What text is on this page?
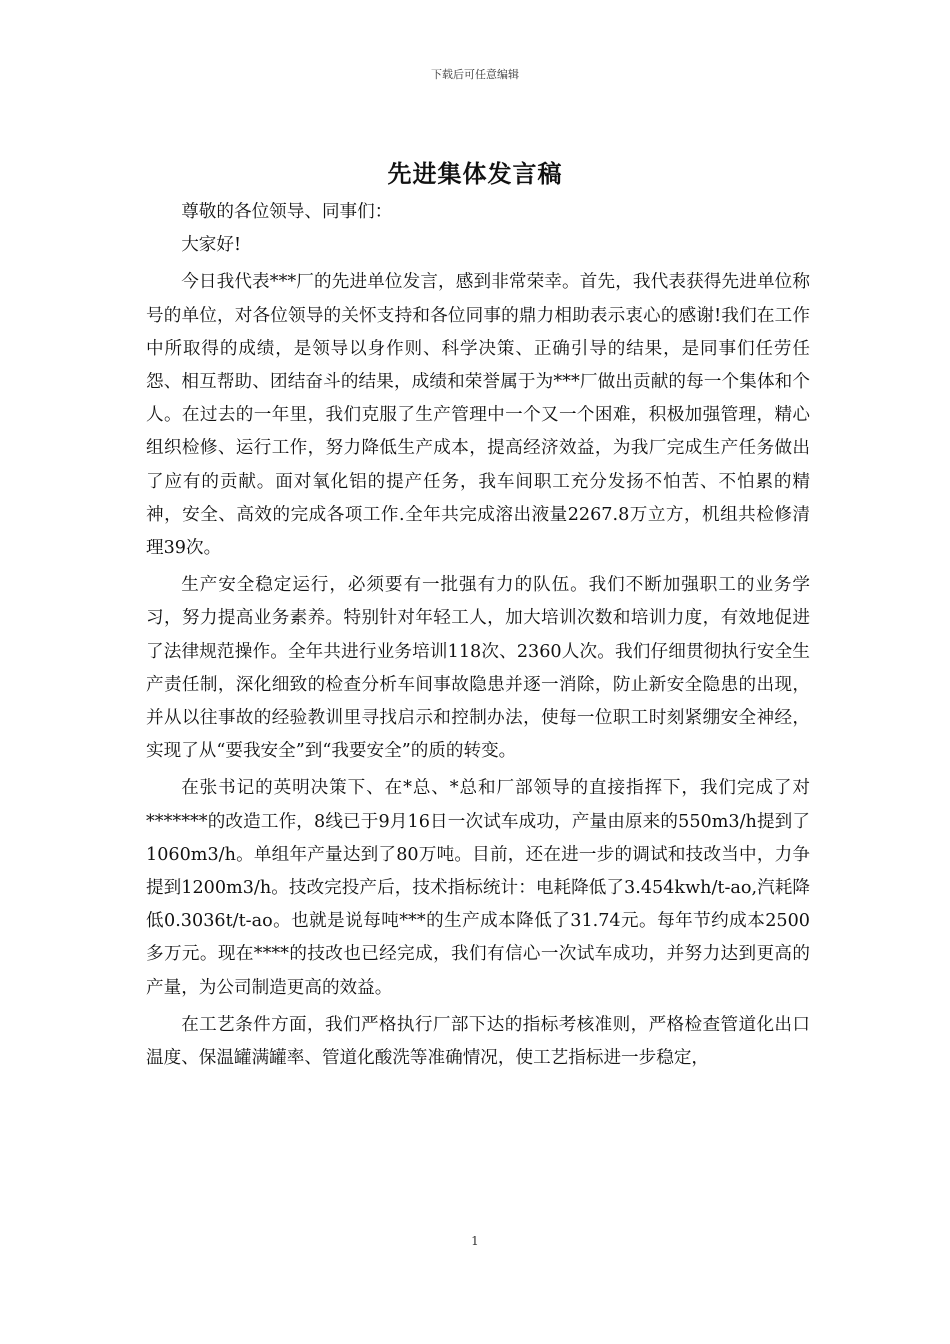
下载后可任意编辑
先进集体发言稿

尊敬的各位领导、同事们：

大家好!

今日我代表***厂的先进单位发言，感到非常荣幸。首先，我代表获得先进单位称号的单位，对各位领导的关怀支持和各位同事的鼎力相助表示衷心的感谢!我们在工作中所取得的成绩，是领导以身作则、科学决策、正确引导的结果，是同事们任劳任怨、相互帮助、团结奋斗的结果，成绩和荣誉属于为***厂做出贡献的每一个集体和个人。在过去的一年里，我们克服了生产管理中一个又一个困难，积极加强管理，精心组织检修、运行工作，努力降低生产成本，提高经济效益，为我厂完成生产任务做出了应有的贡献。面对氧化铝的提产任务，我车间职工充分发扬不怕苦、不怕累的精神，安全、高效的完成各项工作.全年共完成溶出液量2267.8万立方，机组共检修清理39次。

生产安全稳定运行，必须要有一批强有力的队伍。我们不断加强职工的业务学习，努力提高业务素养。特别针对年轻工人，加大培训次数和培训力度，有效地促进了法律规范操作。全年共进行业务培训118次、2360人次。我们仔细贯彻执行安全生产责任制，深化细致的检查分析车间事故隐患并逐一消除，防止新安全隐患的出现，并从以往事故的经验教训里寻找启示和控制办法，使每一位职工时刻紧绷安全神经，实现了从“要我安全”到“我要安全”的质的转变。

在张书记的英明决策下、在*总、*总和厂部领导的直接指挥下，我们完成了对*******的改造工作，8线已于9月16日一次试车成功，产量由原来的550m3/h提到了1060m3/h。单组年产量达到了80万吨。目前，还在进一步的调试和技改当中，力争提到1200m3/h。技改完投产后，技术指标统计：电耗降低了3.454kwh/t-ao,汽耗降低0.3036t/t-ao。也就是说每吨***的生产成本降低了31.74元。每年节约成本2500多万元。现在****的技改也已经完成，我们有信心一次试车成功，并努力达到更高的产量，为公司制造更高的效益。

在工艺条件方面，我们严格执行厂部下达的指标考核准则，严格检查管道化出口温度、保温罐满罐率、管道化酸洗等准确情况，使工艺指标进一步稳定，

1
